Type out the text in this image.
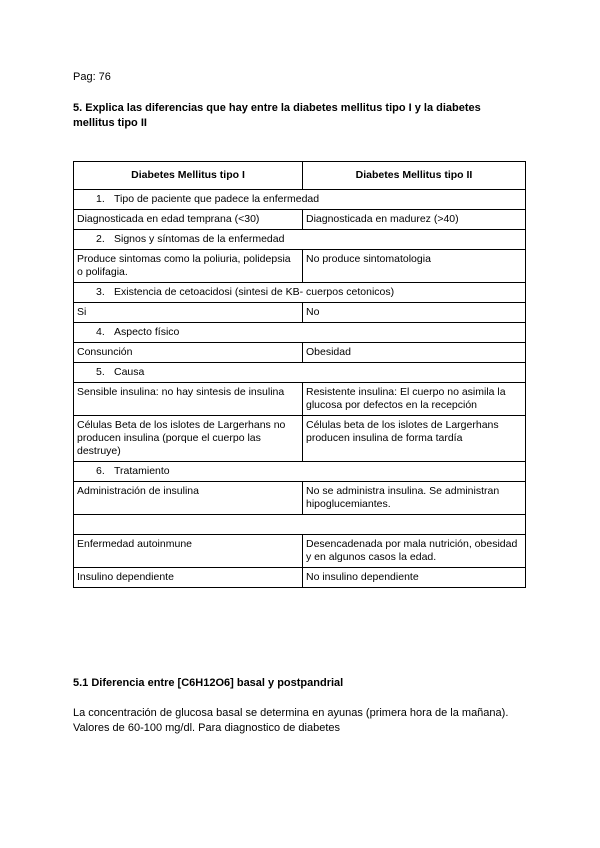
Pag: 76
5. Explica las diferencias que hay entre la diabetes mellitus tipo I y la diabetes mellitus tipo II
Diabetes Mellitus tipo I	Diabetes Mellitus tipo II
1. Tipo de paciente que padece la enfermedad	
Diagnosticada en edad temprana (<30)	Diagnosticada en madurez (>40)
2. Signos y síntomas de la enfermedad	
Produce sintomas como la poliuria, polidepsia o polifagia.	No produce sintomatologia
3. Existencia de cetoacidosi (sintesi de KB- cuerpos cetonicos)	
Si	No
4. Aspecto físico	
Consunción	Obesidad
5. Causa	
Sensible insulina: no hay sintesis de insulina	Resistente insulina: El cuerpo no asimila la glucosa por defectos en la recepción
Células Beta de los islotes de Largerhans no producen insulina (porque el cuerpo las destruye)	Células beta de los islotes de Largerhans producen insulina de forma tardía
6. Tratamiento	
Administración de insulina	No se administra insulina. Se administran hipoglucemiantes.

Enfermedad autoinmune	Desencadenada por mala nutrición, obesidad y en algunos casos la edad.
Insulino dependiente	No insulino dependiente
5.1 Diferencia entre [C6H12O6] basal y postpandrial
La concentración de glucosa basal se determina en ayunas (primera hora de la mañana). Valores de 60-100 mg/dl. Para diagnostico de diabetes
